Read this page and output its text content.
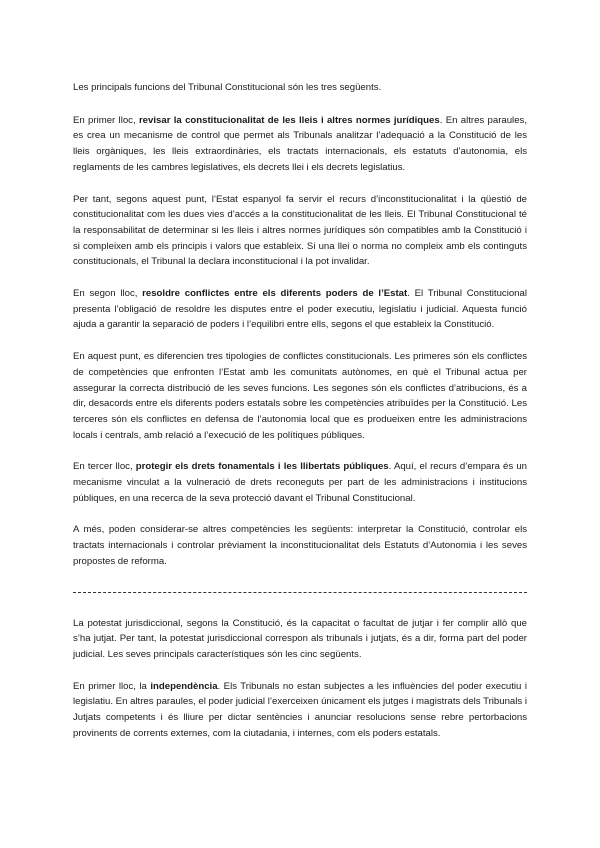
Les principals funcions del Tribunal Constitucional són les tres següents.

En primer lloc, revisar la constitucionalitat de les lleis i altres normes jurídiques. En altres paraules, es crea un mecanisme de control que permet als Tribunals analitzar l’adequació a la Constitució de les lleis orgàniques, les lleis extraordinàries, els tractats internacionals, els estatuts d’autonomia, els reglaments de les cambres legislatives, els decrets llei i els decrets legislatius.

Per tant, segons aquest punt, l’Estat espanyol fa servir el recurs d’inconstitucionalitat i la qüestió de constitucionalitat com les dues vies d’accés a la constitucionalitat de les lleis. El Tribunal Constitucional té la responsabilitat de determinar si les lleis i altres normes jurídiques són compatibles amb la Constitució i si compleixen amb els principis i valors que estableix. Si una llei o norma no compleix amb els continguts constitucionals, el Tribunal la declara inconstitucional i la pot invalidar.

En segon lloc, resoldre conflictes entre els diferents poders de l’Estat. El Tribunal Constitucional presenta l’obligació de resoldre les disputes entre el poder executiu, legislatiu i judicial. Aquesta funció ajuda a garantir la separació de poders i l’equilibri entre ells, segons el que estableix la Constitució.

En aquest punt, es diferencien tres tipologies de conflictes constitucionals. Les primeres són els conflictes de competències que enfronten l’Estat amb les comunitats autònomes, en què el Tribunal actua per assegurar la correcta distribució de les seves funcions. Les segones són els conflictes d’atribucions, és a dir, desacords entre els diferents poders estatals sobre les competències atribuïdes per la Constitució. Les terceres són els conflictes en defensa de l’autonomia local que es produeixen entre les administracions locals i centrals, amb relació a l’execució de les polítiques públiques.

En tercer lloc, protegir els drets fonamentals i les llibertats públiques. Aquí, el recurs d’empara és un mecanisme vinculat a la vulneració de drets reconeguts per part de les administracions i institucions públiques, en una recerca de la seva protecció davant el Tribunal Constitucional.

A més, poden considerar-se altres competències les següents: interpretar la Constitució, controlar els tractats internacionals i controlar prèviament la inconstitucionalitat dels Estatuts d’Autonomia i les seves propostes de reforma.

La potestat jurisdiccional, segons la Constitució, és la capacitat o facultat de jutjar i fer complir allò que s’ha jutjat. Per tant, la potestat jurisdiccional correspon als tribunals i jutjats, és a dir, forma part del poder judicial. Les seves principals característiques són les cinc següents.

En primer lloc, la independència. Els Tribunals no estan subjectes a les influències del poder executiu i legislatiu. En altres paraules, el poder judicial l’exerceixen únicament els jutges i magistrats dels Tribunals i Jutjats competents i és lliure per dictar sentències i anunciar resolucions sense rebre pertorbacions provinents de corrents externes, com la ciutadania, i internes, com els poders estatals.
